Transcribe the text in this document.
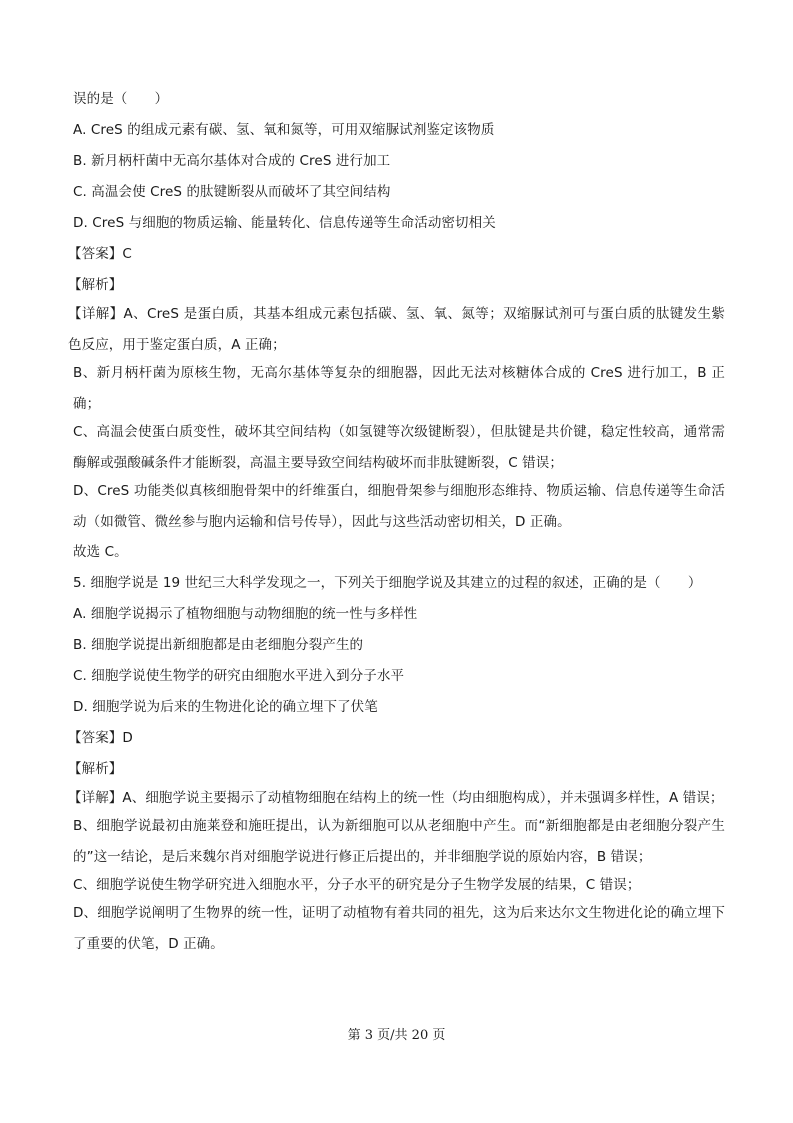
误的是（　　）
A. CreS 的组成元素有碳、氢、氧和氮等，可用双缩脲试剂鉴定该物质
B. 新月柄杆菌中无高尔基体对合成的 CreS 进行加工
C. 高温会使 CreS 的肽键断裂从而破坏了其空间结构
D. CreS 与细胞的物质运输、能量转化、信息传递等生命活动密切相关
【答案】C
【解析】

【详解】A、CreS 是蛋白质，其基本组成元素包括碳、氢、氧、氮等；双缩脲试剂可与蛋白质的肽键发生紫色反应，用于鉴定蛋白质，A 正确；

B、新月柄杆菌为原核生物，无高尔基体等复杂的细胞器，因此无法对核糖体合成的 CreS 进行加工，B 正确；

C、高温会使蛋白质变性，破坏其空间结构（如氢键等次级键断裂），但肽键是共价键，稳定性较高，通常需酶解或强酸碱条件才能断裂，高温主要导致空间结构破坏而非肽键断裂，C 错误；

D、CreS 功能类似真核细胞骨架中的纤维蛋白，细胞骨架参与细胞形态维持、物质运输、信息传递等生命活动（如微管、微丝参与胞内运输和信号传导），因此与这些活动密切相关，D 正确。

故选 C。
5. 细胞学说是 19 世纪三大科学发现之一，下列关于细胞学说及其建立的过程的叙述，正确的是（　　）
A. 细胞学说揭示了植物细胞与动物细胞的统一性与多样性
B. 细胞学说提出新细胞都是由老细胞分裂产生的
C. 细胞学说使生物学的研究由细胞水平进入到分子水平
D. 细胞学说为后来的生物进化论的确立埋下了伏笔
【答案】D
【解析】

【详解】A、细胞学说主要揭示了动植物细胞在结构上的统一性（均由细胞构成），并未强调多样性，A 错误；

B、细胞学说最初由施莱登和施旺提出，认为新细胞可以从老细胞中产生。而“新细胞都是由老细胞分裂产生的”这一结论，是后来魏尔肖对细胞学说进行修正后提出的，并非细胞学说的原始内容，B 错误；

C、细胞学说使生物学研究进入细胞水平，分子水平的研究是分子生物学发展的结果，C 错误；

D、细胞学说阐明了生物界的统一性，证明了动植物有着共同的祖先，这为后来达尔文生物进化论的确立埋下了重要的伏笔，D 正确。

第 3 页/共 20 页
